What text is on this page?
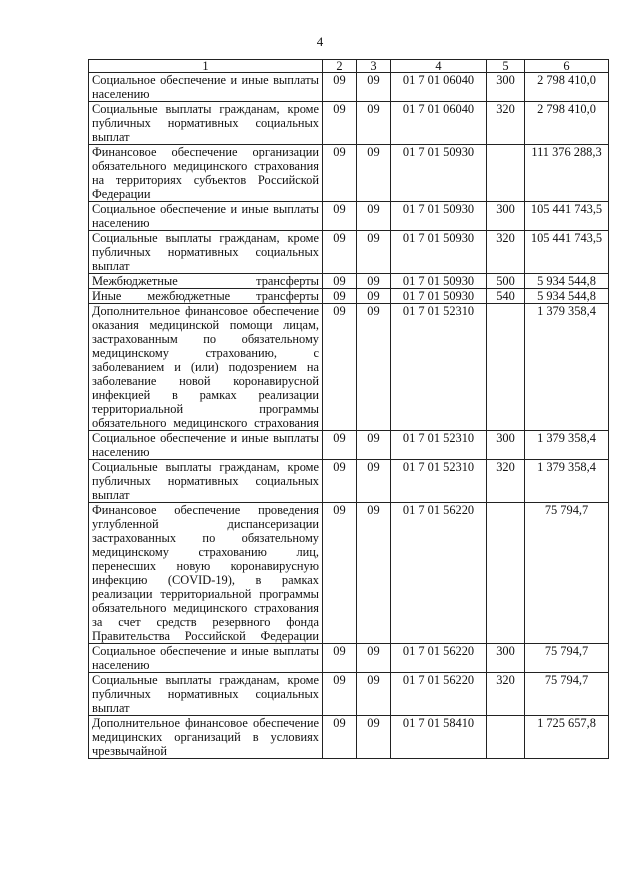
4
1	2	3	4	5	6
Социальное обеспечение и иные выплаты населению	09	09	01 7 01 06040	300	2 798 410,0
Социальные выплаты гражданам, кроме публичных нормативных социальных выплат	09	09	01 7 01 06040	320	2 798 410,0
Финансовое обеспечение организации обязательного медицинского страхования на территориях субъектов Российской Федерации	09	09	01 7 01 50930		111 376 288,3
Социальное обеспечение и иные выплаты населению	09	09	01 7 01 50930	300	105 441 743,5
Социальные выплаты гражданам, кроме публичных нормативных социальных выплат	09	09	01 7 01 50930	320	105 441 743,5
Межбюджетные трансферты	09	09	01 7 01 50930	500	5 934 544,8
Иные межбюджетные трансферты	09	09	01 7 01 50930	540	5 934 544,8
Дополнительное финансовое обеспечение оказания медицинской помощи лицам, застрахованным по обязательному медицинскому страхованию, с заболеванием и (или) подозрением на заболевание новой коронавирусной инфекцией в рамках реализации территориальной программы обязательного медицинского страхования	09	09	01 7 01 52310		1 379 358,4
Социальное обеспечение и иные выплаты населению	09	09	01 7 01 52310	300	1 379 358,4
Социальные выплаты гражданам, кроме публичных нормативных социальных выплат	09	09	01 7 01 52310	320	1 379 358,4
Финансовое обеспечение проведения углубленной диспансеризации застрахованных по обязательному медицинскому страхованию лиц, перенесших новую коронавирусную инфекцию (COVID-19), в рамках реализации территориальной программы обязательного медицинского страхования за счет средств резервного фонда Правительства Российской Федерации	09	09	01 7 01 56220		75 794,7
Социальное обеспечение и иные выплаты населению	09	09	01 7 01 56220	300	75 794,7
Социальные выплаты гражданам, кроме публичных нормативных социальных выплат	09	09	01 7 01 56220	320	75 794,7
Дополнительное финансовое обеспечение медицинских организаций в условиях чрезвычайной	09	09	01 7 01 58410		1 725 657,8
